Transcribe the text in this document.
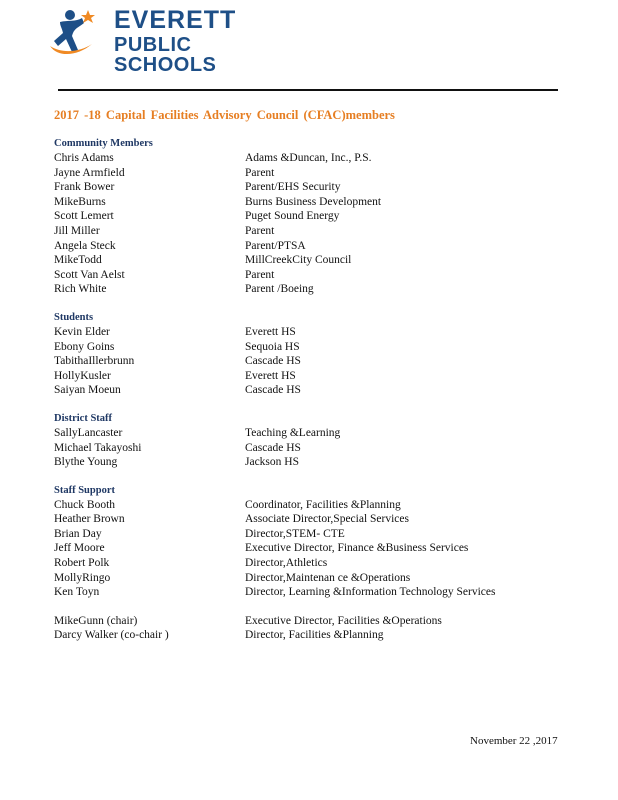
EVERETT
PUBLIC SCHOOLS
2017 -18 Capital Facilities Advisory Council (CFAC)members
Community Members
Chris Adams	Adams &Duncan, Inc., P.S.
Jayne Armfield	Parent
Frank Bower	Parent/EHS Security
MikeBurns	Burns Business Development
Scott Lemert	Puget Sound Energy
Jill Miller	Parent
Angela Steck	Parent/PTSA
MikeTodd	MillCreekCity Council
Scott Van Aelst	Parent
Rich White	Parent /Boeing
Students
Kevin Elder	Everett HS
Ebony Goins	Sequoia HS
TabithaIllerbrunn	Cascade HS
HollyKusler	Everett HS
Saiyan Moeun	Cascade HS
District Staff
SallyLancaster	Teaching &Learning
Michael Takayoshi	Cascade HS
Blythe Young	Jackson HS
Staff Support
Chuck Booth	Coordinator, Facilities &Planning
Heather Brown	Associate Director,Special Services
Brian Day	Director,STEM- CTE
Jeff Moore	Executive Director, Finance &Business Services
Robert Polk	Director,Athletics
MollyRingo	Director,Maintenan ce &Operations
Ken Toyn	Director, Learning &Information Technology Services
MikeGunn (chair)	Executive Director, Facilities &Operations
Darcy Walker (co-chair )	Director, Facilities &Planning
November 22 ,2017
